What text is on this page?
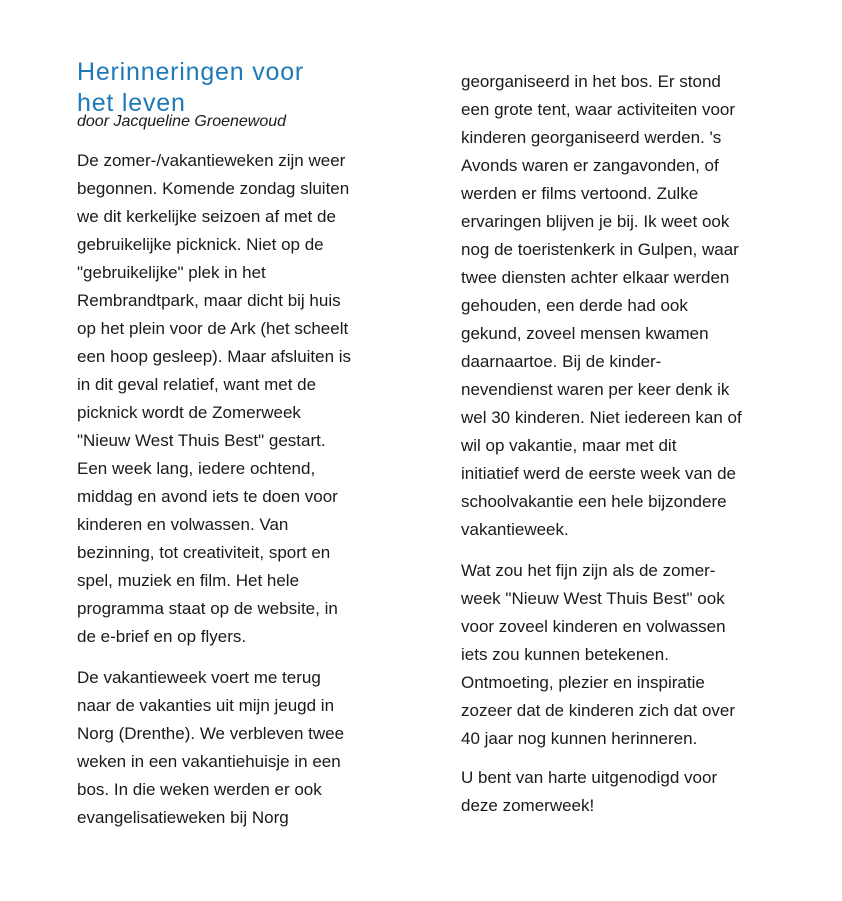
Herinneringen voor
het leven
door Jacqueline Groenewoud

De zomer-/vakantieweken zijn weer
begonnen. Komende zondag sluiten
we dit kerkelijke seizoen af met de
gebruikelijke picknick. Niet op de
"gebruikelijke" plek in het
Rembrandtpark, maar dicht bij huis
op het plein voor de Ark (het scheelt
een hoop gesleep). Maar afsluiten is
in dit geval relatief, want met de
picknick wordt de Zomerweek
"Nieuw West Thuis Best" gestart.
Een week lang, iedere ochtend,
middag en avond iets te doen voor
kinderen en volwassen. Van
bezinning, tot creativiteit, sport en
spel, muziek en film. Het hele
programma staat op de website, in
de e-brief en op flyers.

De vakantieweek voert me terug
naar de vakanties uit mijn jeugd in
Norg (Drenthe). We verbleven twee
weken in een vakantiehuisje in een
bos. In die weken werden er ook
evangelisatieweken bij Norg

georganiseerd in het bos. Er stond
een grote tent, waar activiteiten voor
kinderen georganiseerd werden. 's
Avonds waren er zangavonden, of
werden er films vertoond. Zulke
ervaringen blijven je bij. Ik weet ook
nog de toeristenkerk in Gulpen, waar
twee diensten achter elkaar werden
gehouden, een derde had ook
gekund, zoveel mensen kwamen
daarnaartoe. Bij de kinder-
nevendienst waren per keer denk ik
wel 30 kinderen. Niet iedereen kan of
wil op vakantie, maar met dit
initiatief werd de eerste week van de
schoolvakantie een hele bijzondere
vakantieweek.

Wat zou het fijn zijn als de zomer-
week "Nieuw West Thuis Best" ook
voor zoveel kinderen en volwassen
iets zou kunnen betekenen.
Ontmoeting, plezier en inspiratie
zozeer dat de kinderen zich dat over
40 jaar nog kunnen herinneren.

U bent van harte uitgenodigd voor
deze zomerweek!
